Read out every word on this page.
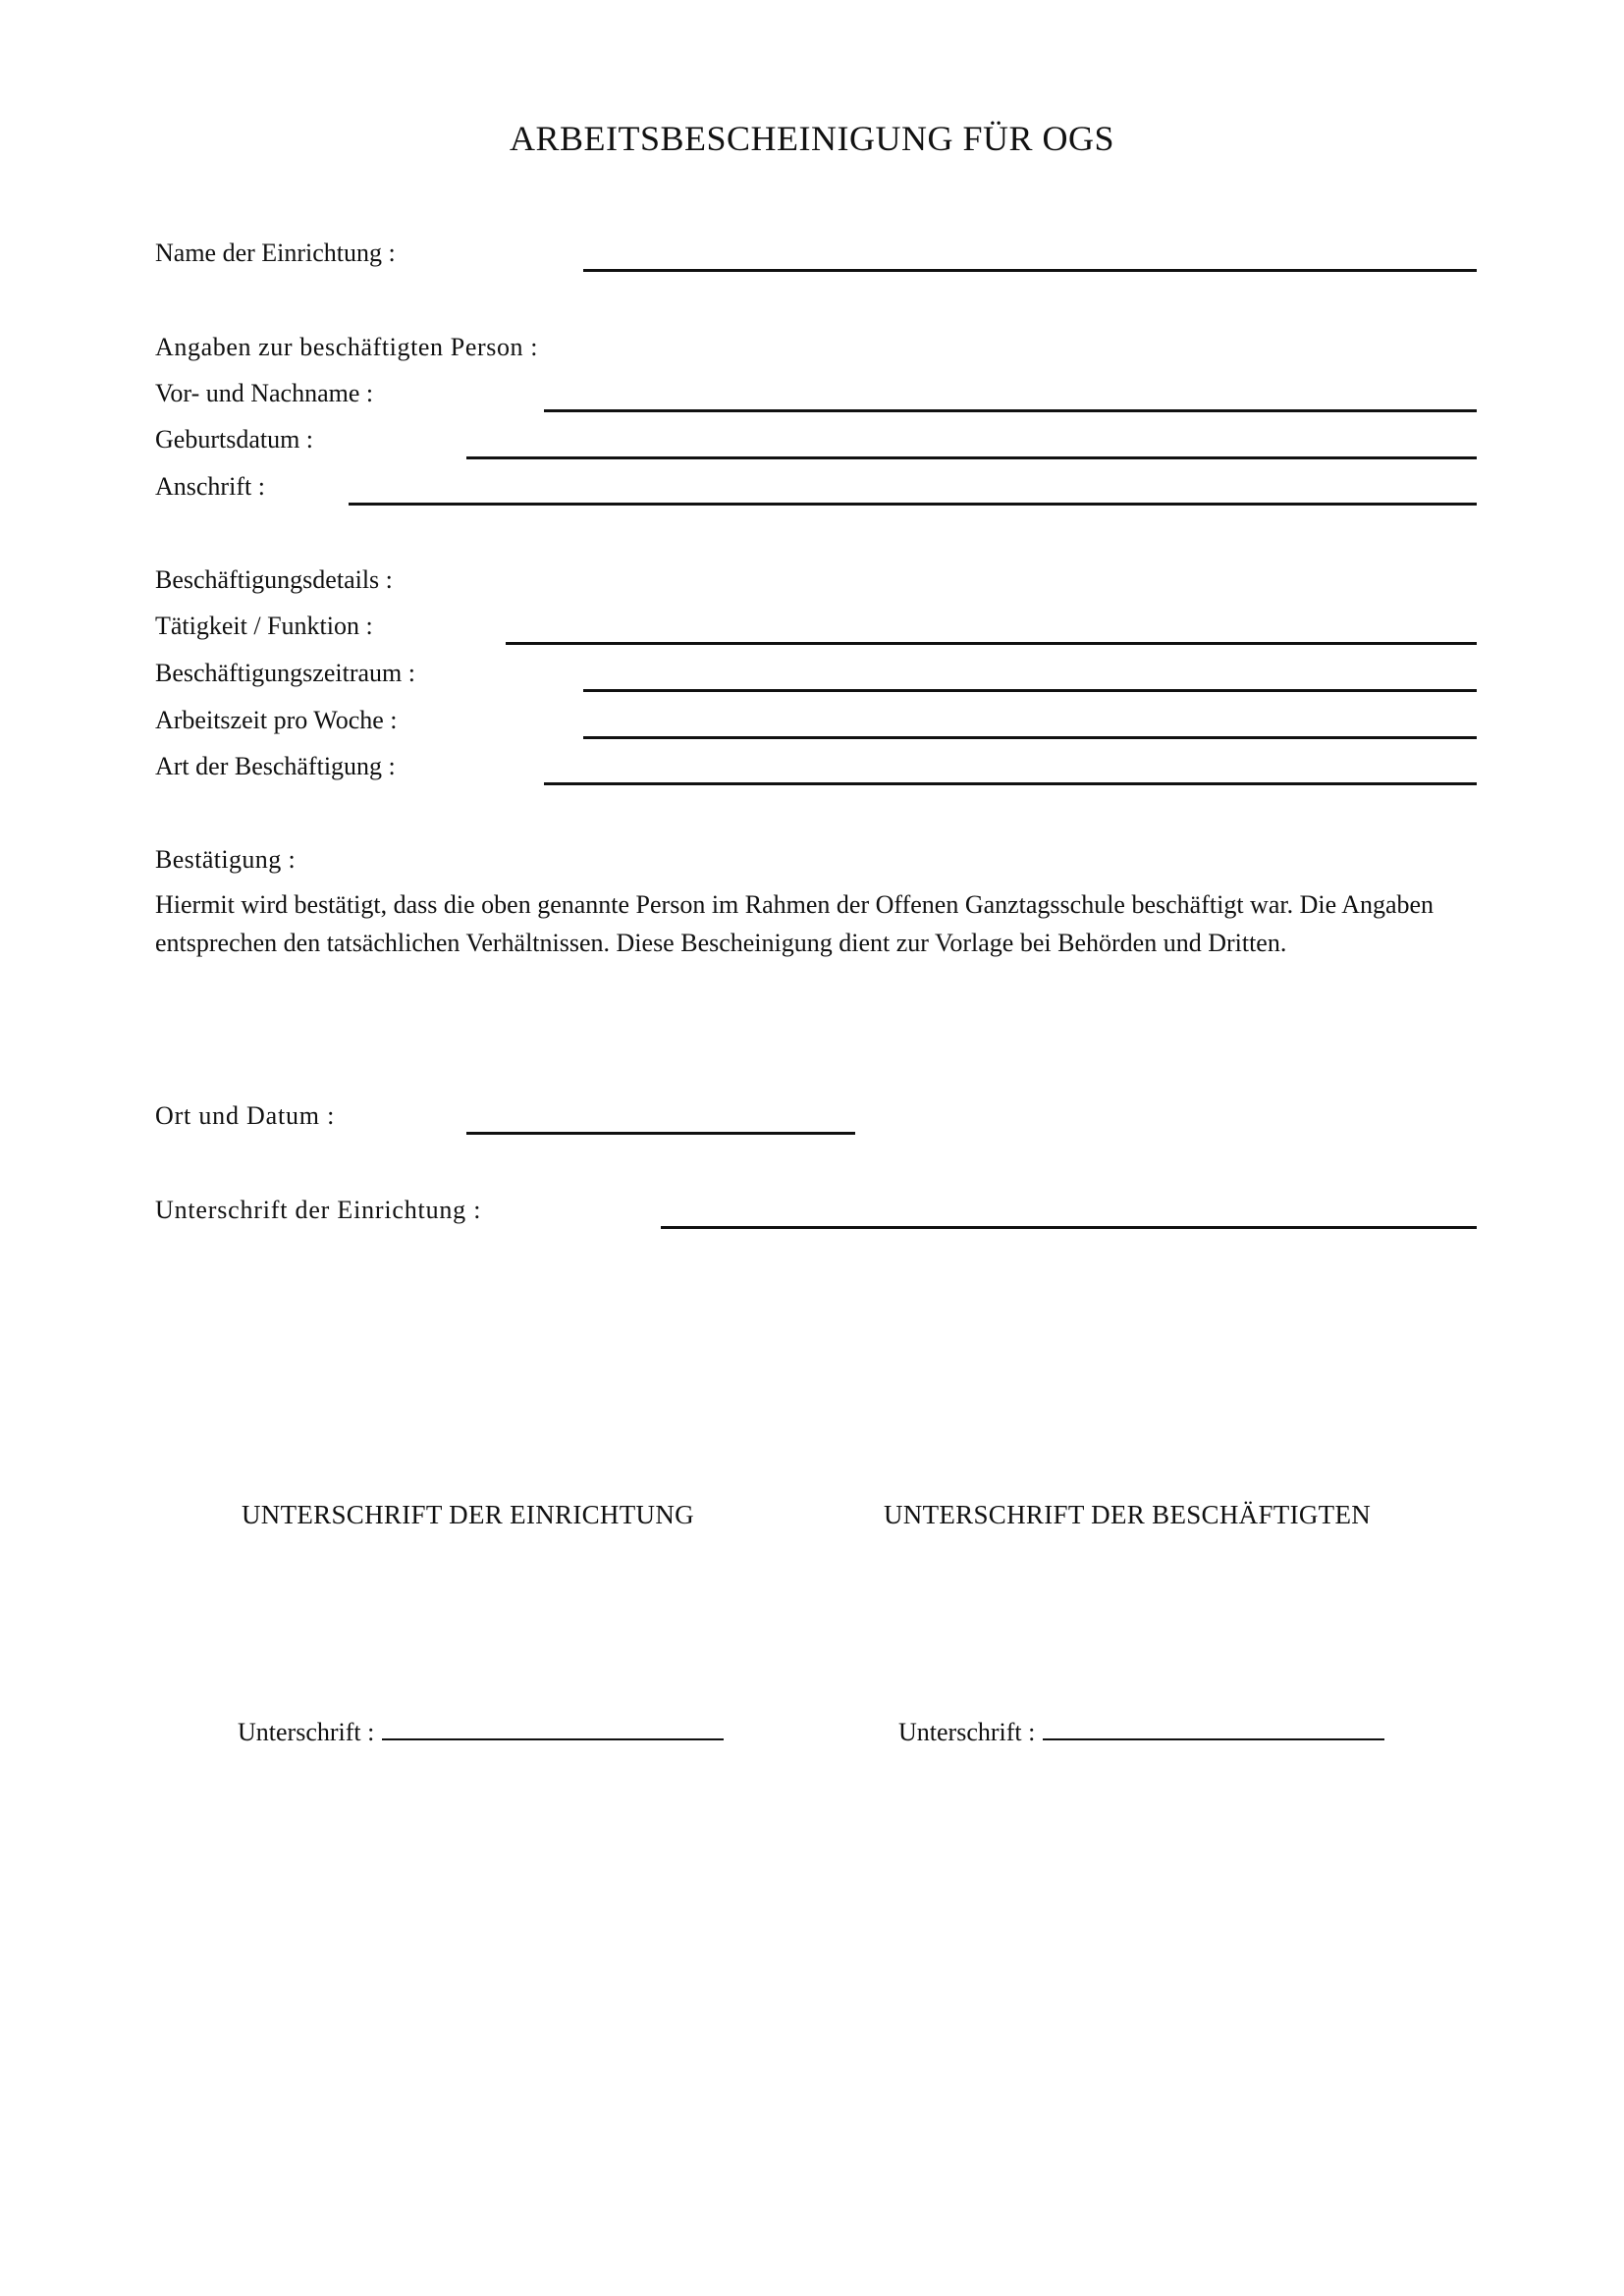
ARBEITSBESCHEINIGUNG FÜR OGS
Name der Einrichtung :
Angaben zur beschäftigten Person :
Vor- und Nachname :
Geburtsdatum :
Anschrift :
Beschäftigungsdetails :
Tätigkeit / Funktion :
Beschäftigungszeitraum :
Arbeitszeit pro Woche :
Art der Beschäftigung :
Bestätigung :
Hiermit wird bestätigt, dass die oben genannte Person im Rahmen der Offenen Ganztagsschule beschäftigt war. Die Angaben entsprechen den tatsächlichen Verhältnissen. Diese Bescheinigung dient zur Vorlage bei Behörden und Dritten.
Ort und Datum :
Unterschrift der Einrichtung :
UNTERSCHRIFT DER EINRICHTUNG	UNTERSCHRIFT DER BESCHÄFTIGTEN
Unterschrift :	Unterschrift :
